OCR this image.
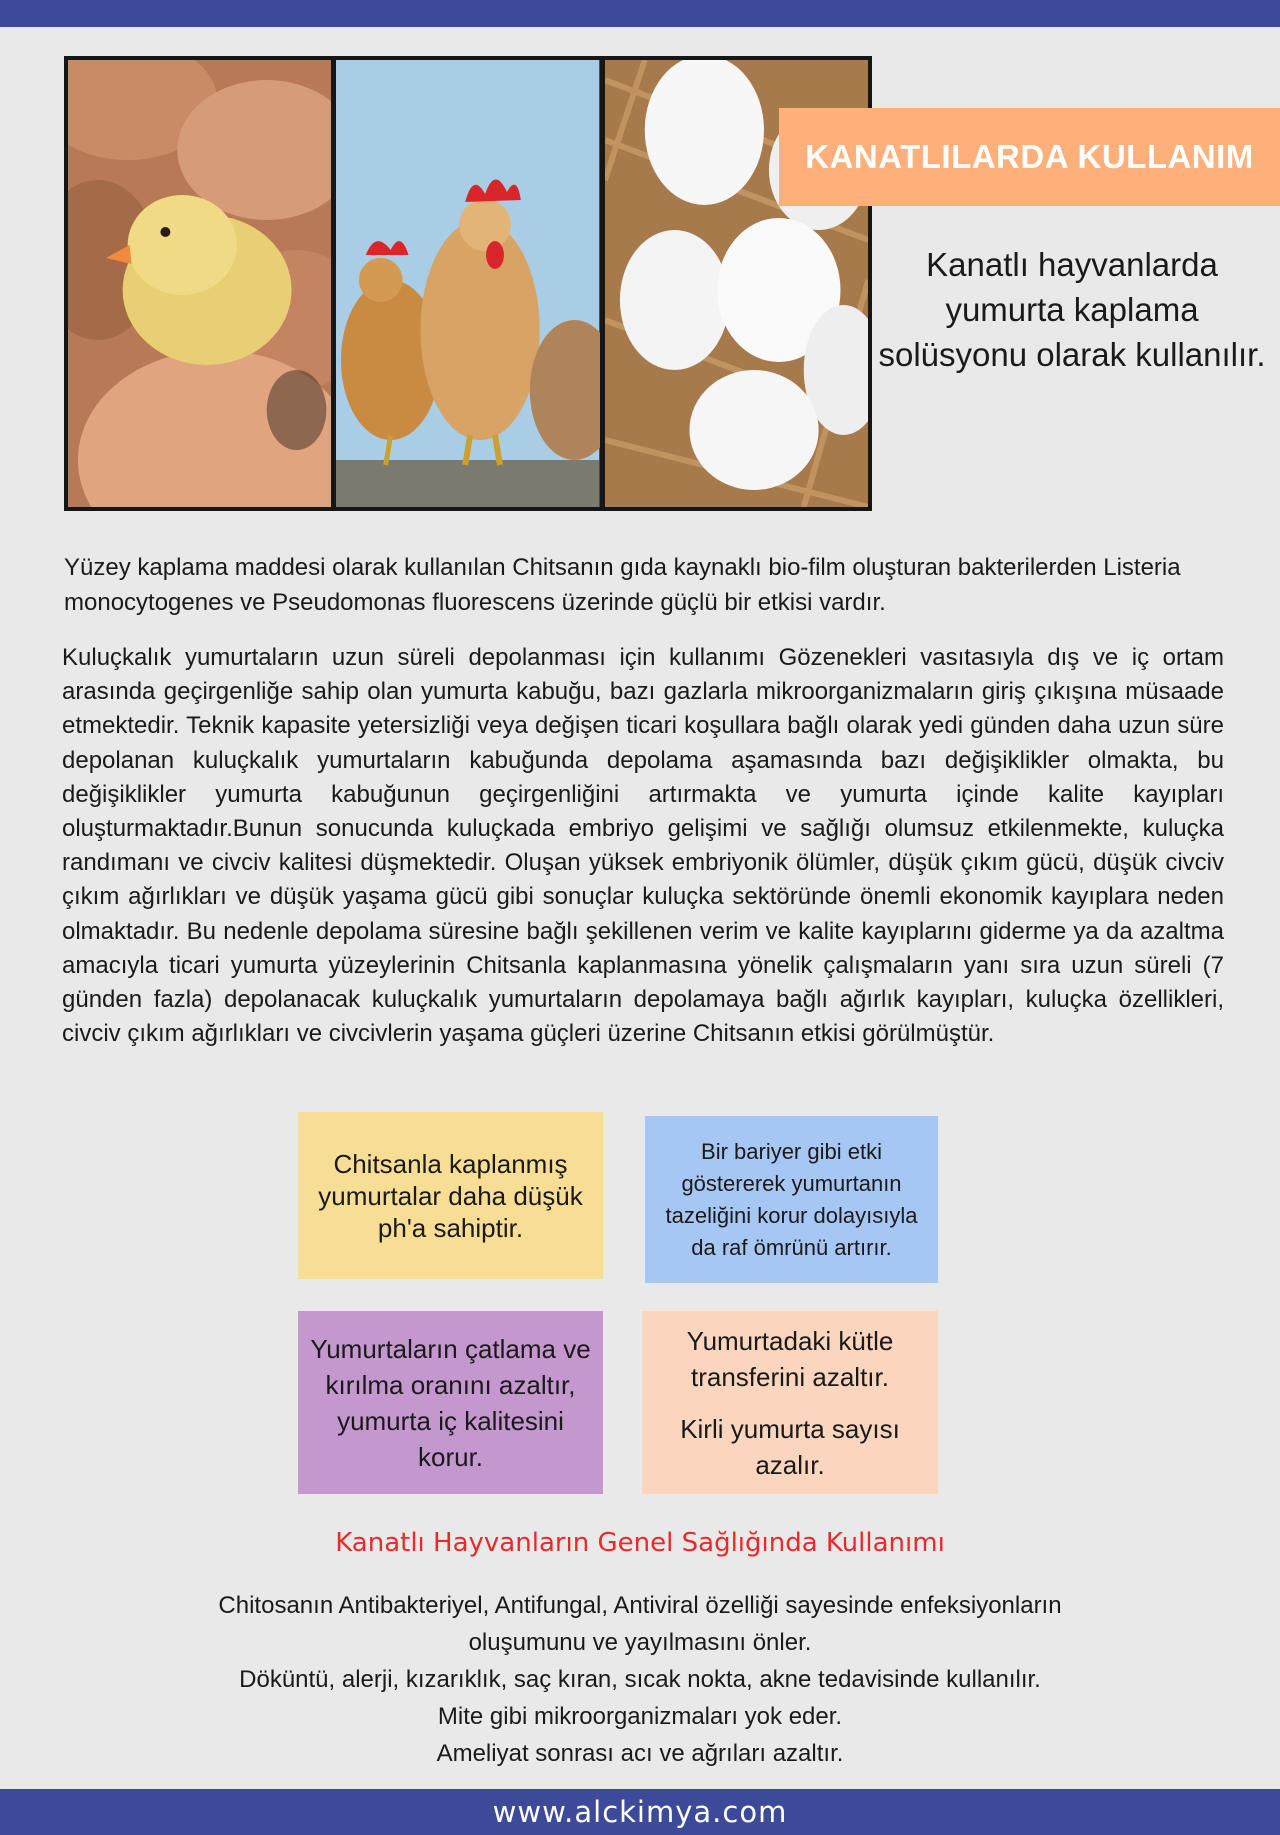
KANATLILARDA KULLANIM
Kanatlı hayvanlarda yumurta kaplama solüsyonu olarak kullanılır.
Yüzey kaplama maddesi olarak kullanılan Chitsanın gıda kaynaklı bio-film oluşturan bakterilerden Listeria monocytogenes ve Pseudomonas fluorescens üzerinde güçlü bir etkisi vardır.
Kuluçkalık yumurtaların uzun süreli depolanması için kullanımı Gözenekleri vasıtasıyla dış ve iç ortam arasında geçirgenliğe sahip olan yumurta kabuğu, bazı gazlarla mikroorganizmaların giriş çıkışına müsaade etmektedir. Teknik kapasite yetersizliği veya değişen ticari koşullara bağlı olarak yedi günden daha uzun süre depolanan kuluçkalık yumurtaların kabuğunda depolama aşamasında bazı değişiklikler olmakta, bu değişiklikler yumurta kabuğunun geçirgenliğini artırmakta ve yumurta içinde kalite kayıpları oluşturmaktadır.Bunun sonucunda kuluçkada embriyo gelişimi ve sağlığı olumsuz etkilenmekte, kuluçka randımanı ve civciv kalitesi düşmektedir. Oluşan yüksek embriyonik ölümler, düşük çıkım gücü, düşük civciv çıkım ağırlıkları ve düşük yaşama gücü gibi sonuçlar kuluçka sektöründe önemli ekonomik kayıplara neden olmaktadır. Bu nedenle depolama süresine bağlı şekillenen verim ve kalite kayıplarını giderme ya da azaltma amacıyla ticari yumurta yüzeylerinin Chitsanla kaplanmasına yönelik çalışmaların yanı sıra uzun süreli (7 günden fazla) depolanacak kuluçkalık yumurtaların depolamaya bağlı ağırlık kayıpları, kuluçka özellikleri, civciv çıkım ağırlıkları ve civcivlerin yaşama güçleri üzerine Chitsanın etkisi görülmüştür.
Chitsanla kaplanmış yumurtalar daha düşük ph'a sahiptir.
Bir bariyer gibi etki göstererek yumurtanın tazeliğini korur dolayısıyla da raf ömrünü artırır.
Yumurtaların çatlama ve kırılma oranını azaltır, yumurta iç kalitesini korur.
Yumurtadaki kütle transferini azaltır.
Kirli yumurta sayısı azalır.
Kanatlı Hayvanların Genel Sağlığında Kullanımı

Chitosanın Antibakteriyel, Antifungal, Antiviral özelliği sayesinde enfeksiyonların oluşumunu ve yayılmasını önler.

Döküntü, alerji, kızarıklık, saç kıran, sıcak nokta, akne tedavisinde kullanılır.

Mite gibi mikroorganizmaları yok eder.

Ameliyat sonrası acı ve ağrıları azaltır.

www.alckimya.com
